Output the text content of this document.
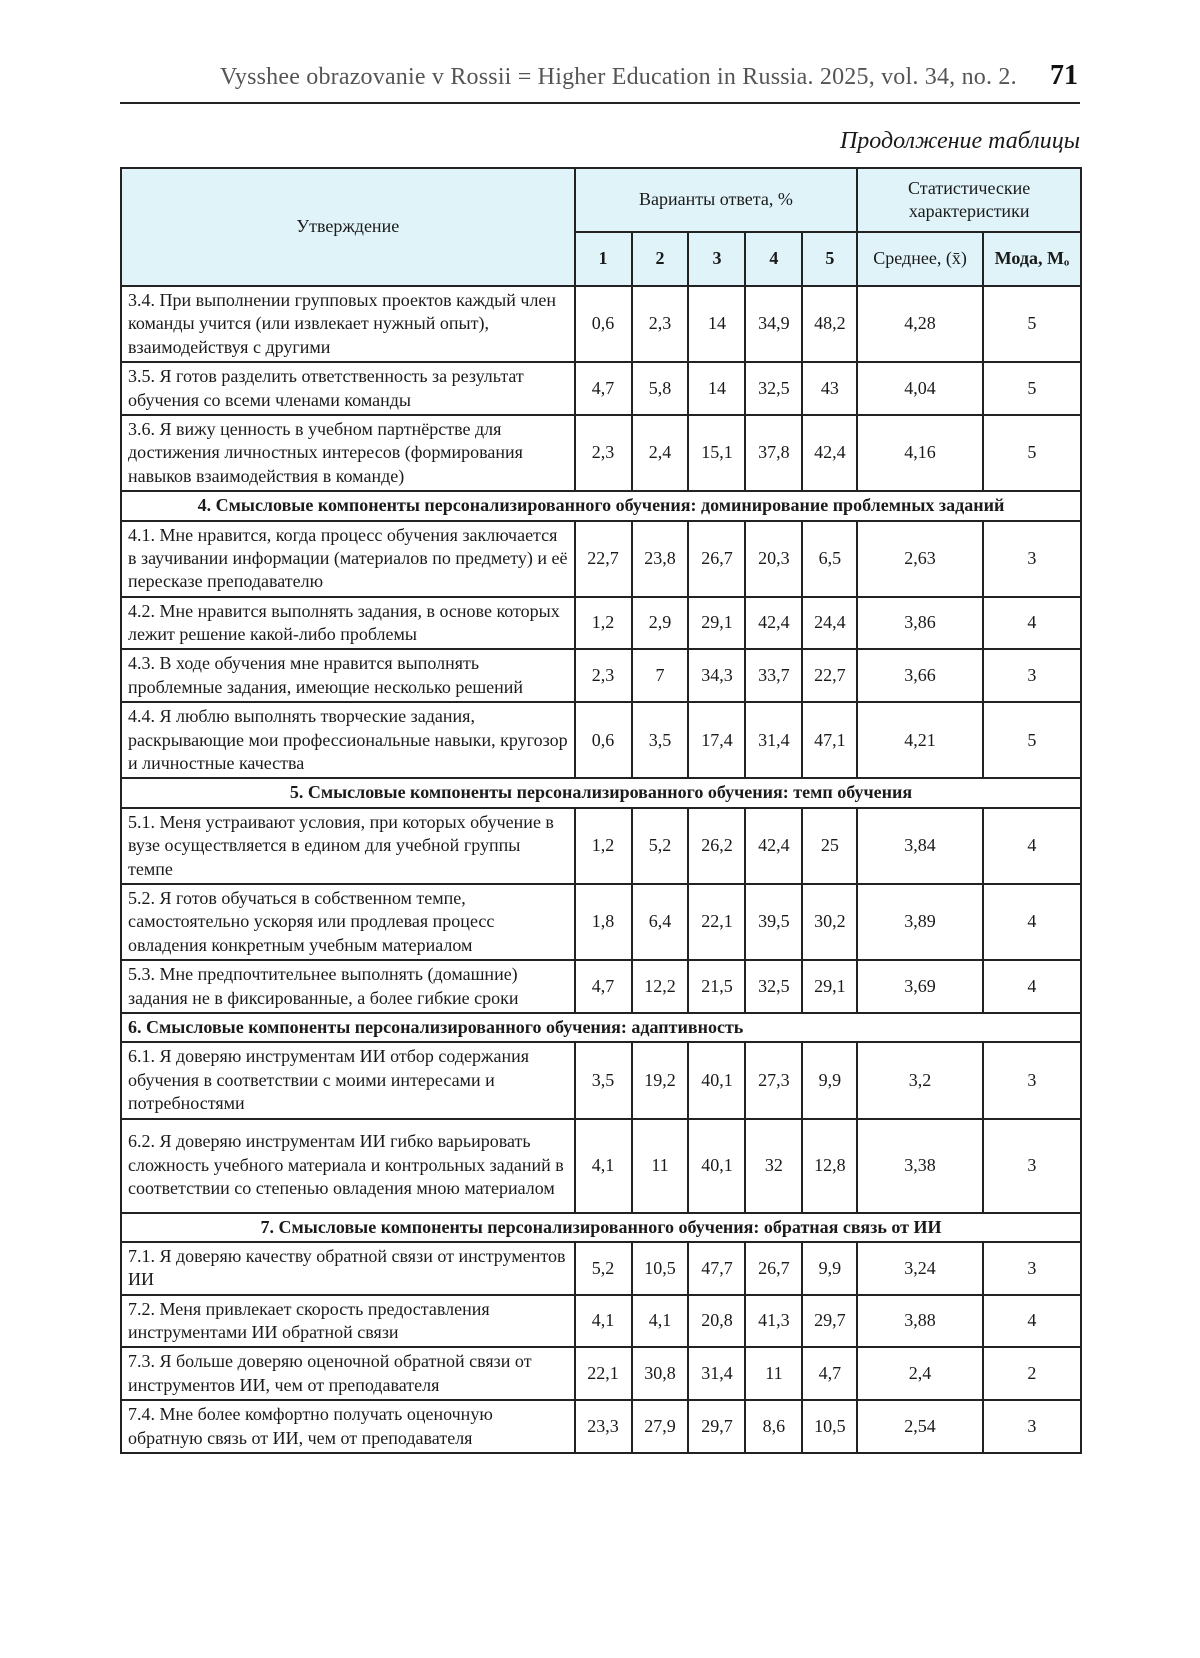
Vysshee obrazovanie v Rossii = Higher Education in Russia. 2025, vol. 34, no. 2. 71
Продолжение таблицы
Утверждение	Варианты ответа, %					Статистические характеристики	
	1	2	3	4	5	Среднее, (x̄)	Мода, Mₒ
3.4. При выполнении групповых проектов каждый член команды учится (или извлекает нужный опыт), взаимодействуя с другими	0,6	2,3	14	34,9	48,2	4,28	5
3.5. Я готов разделить ответственность за результат обучения со всеми членами команды	4,7	5,8	14	32,5	43	4,04	5
3.6. Я вижу ценность в учебном партнёрстве для достижения личностных интересов (формирования навыков взаимодействия в команде)	2,3	2,4	15,1	37,8	42,4	4,16	5
4. Смысловые компоненты персонализированного обучения: доминирование проблемных заданий							
4.1. Мне нравится, когда процесс обучения заключается в заучивании информации (материалов по предмету) и её пересказе преподавателю	22,7	23,8	26,7	20,3	6,5	2,63	3
4.2. Мне нравится выполнять задания, в основе которых лежит решение какой-либо проблемы	1,2	2,9	29,1	42,4	24,4	3,86	4
4.3. В ходе обучения мне нравится выполнять проблемные задания, имеющие несколько решений	2,3	7	34,3	33,7	22,7	3,66	3
4.4. Я люблю выполнять творческие задания, раскрывающие мои профессиональные навыки, кругозор и личностные качества	0,6	3,5	17,4	31,4	47,1	4,21	5
5. Смысловые компоненты персонализированного обучения: темп обучения							
5.1. Меня устраивают условия, при которых обучение в вузе осуществляется в едином для учебной группы темпе	1,2	5,2	26,2	42,4	25	3,84	4
5.2. Я готов обучаться в собственном темпе, самостоятельно ускоряя или продлевая процесс овладения конкретным учебным материалом	1,8	6,4	22,1	39,5	30,2	3,89	4
5.3. Мне предпочтительнее выполнять (домашние) задания не в фиксированные, а более гибкие сроки	4,7	12,2	21,5	32,5	29,1	3,69	4
6. Смысловые компоненты персонализированного обучения: адаптивность							
6.1. Я доверяю инструментам ИИ отбор содержания обучения в соответствии с моими интересами и потребностями	3,5	19,2	40,1	27,3	9,9	3,2	3
6.2. Я доверяю инструментам ИИ гибко варьировать сложность учебного материала и контрольных заданий в соответствии со степенью овладения мною материалом	4,1	11	40,1	32	12,8	3,38	3
7. Смысловые компоненты персонализированного обучения: обратная связь от ИИ							
7.1. Я доверяю качеству обратной связи от инструментов ИИ	5,2	10,5	47,7	26,7	9,9	3,24	3
7.2. Меня привлекает скорость предоставления инструментами ИИ обратной связи	4,1	4,1	20,8	41,3	29,7	3,88	4
7.3. Я больше доверяю оценочной обратной связи от инструментов ИИ, чем от преподавателя	22,1	30,8	31,4	11	4,7	2,4	2
7.4. Мне более комфортно получать оценочную обратную связь от ИИ, чем от преподавателя	23,3	27,9	29,7	8,6	10,5	2,54	3
